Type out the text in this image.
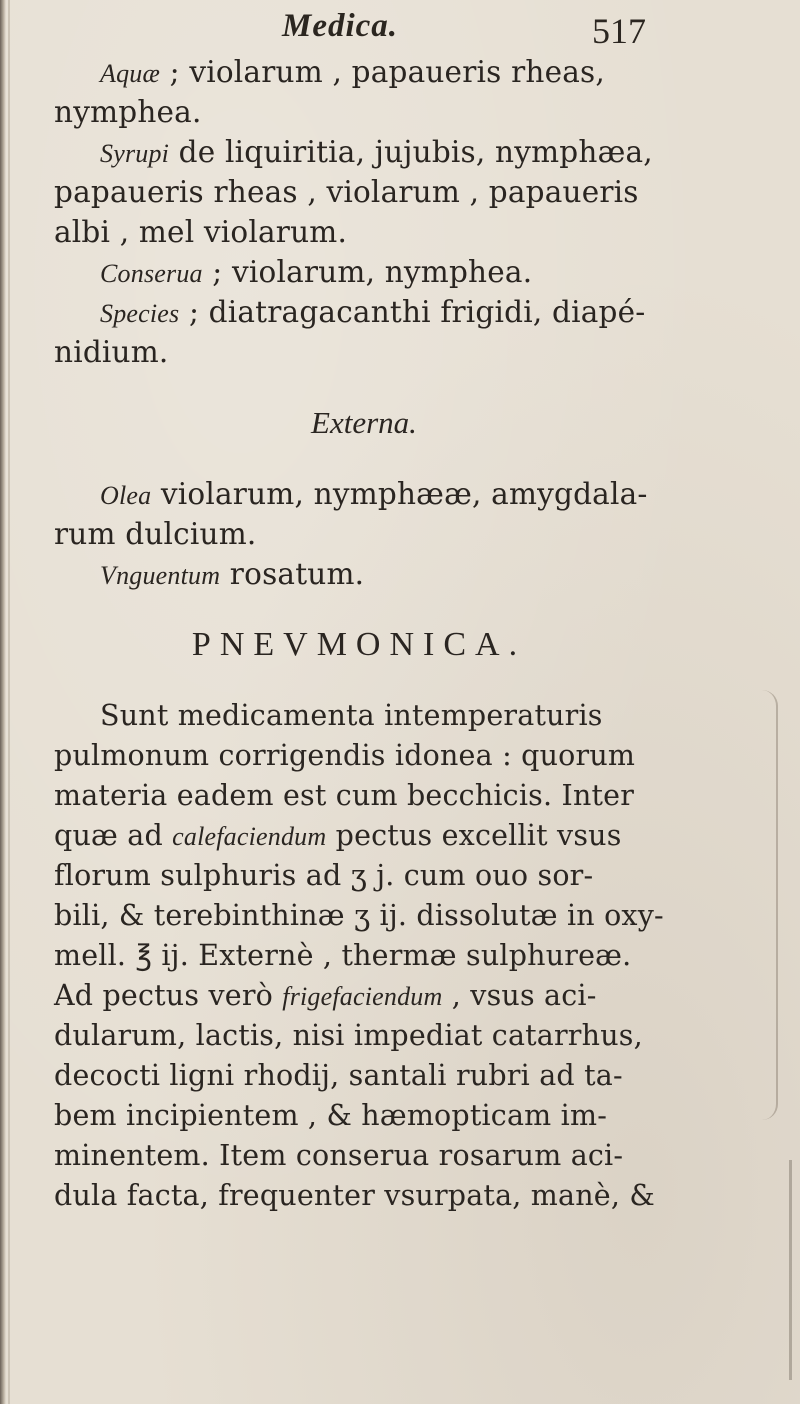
Medica.	517
Aquæ ; violarum , papaueris rheas,
nymphea.
Syrupi de liquiritia, jujubis, nymphæa,
papaueris rheas , violarum , papaueris
albi , mel violarum.
Conserua ; violarum, nymphea.
Species ; diatragacanthi frigidi, diapé-
nidium.
Externa.
Olea violarum, nymphææ, amygdala-
rum dulcium.
Vnguentum rosatum.
PNEVMONICA.
Sunt medicamenta intemperaturis
pulmonum corrigendis idonea : quorum
materia eadem est cum becchicis. Inter
quæ ad calefaciendum pectus excellit vsus
florum sulphuris ad ʒ j. cum ouo sor-
bili, & terebinthinæ ʒ ij. dissolutæ in oxy-
mell. ℥ ij. Externè , thermæ sulphureæ.
Ad pectus verò frigefaciendum , vsus aci-
dularum, lactis, nisi impediat catarrhus,
decocti ligni rhodij, santali rubri ad ta-
bem incipientem , & hæmopticam im-
minentem. Item conserua rosarum aci-
dula facta, frequenter vsurpata, manè, &
